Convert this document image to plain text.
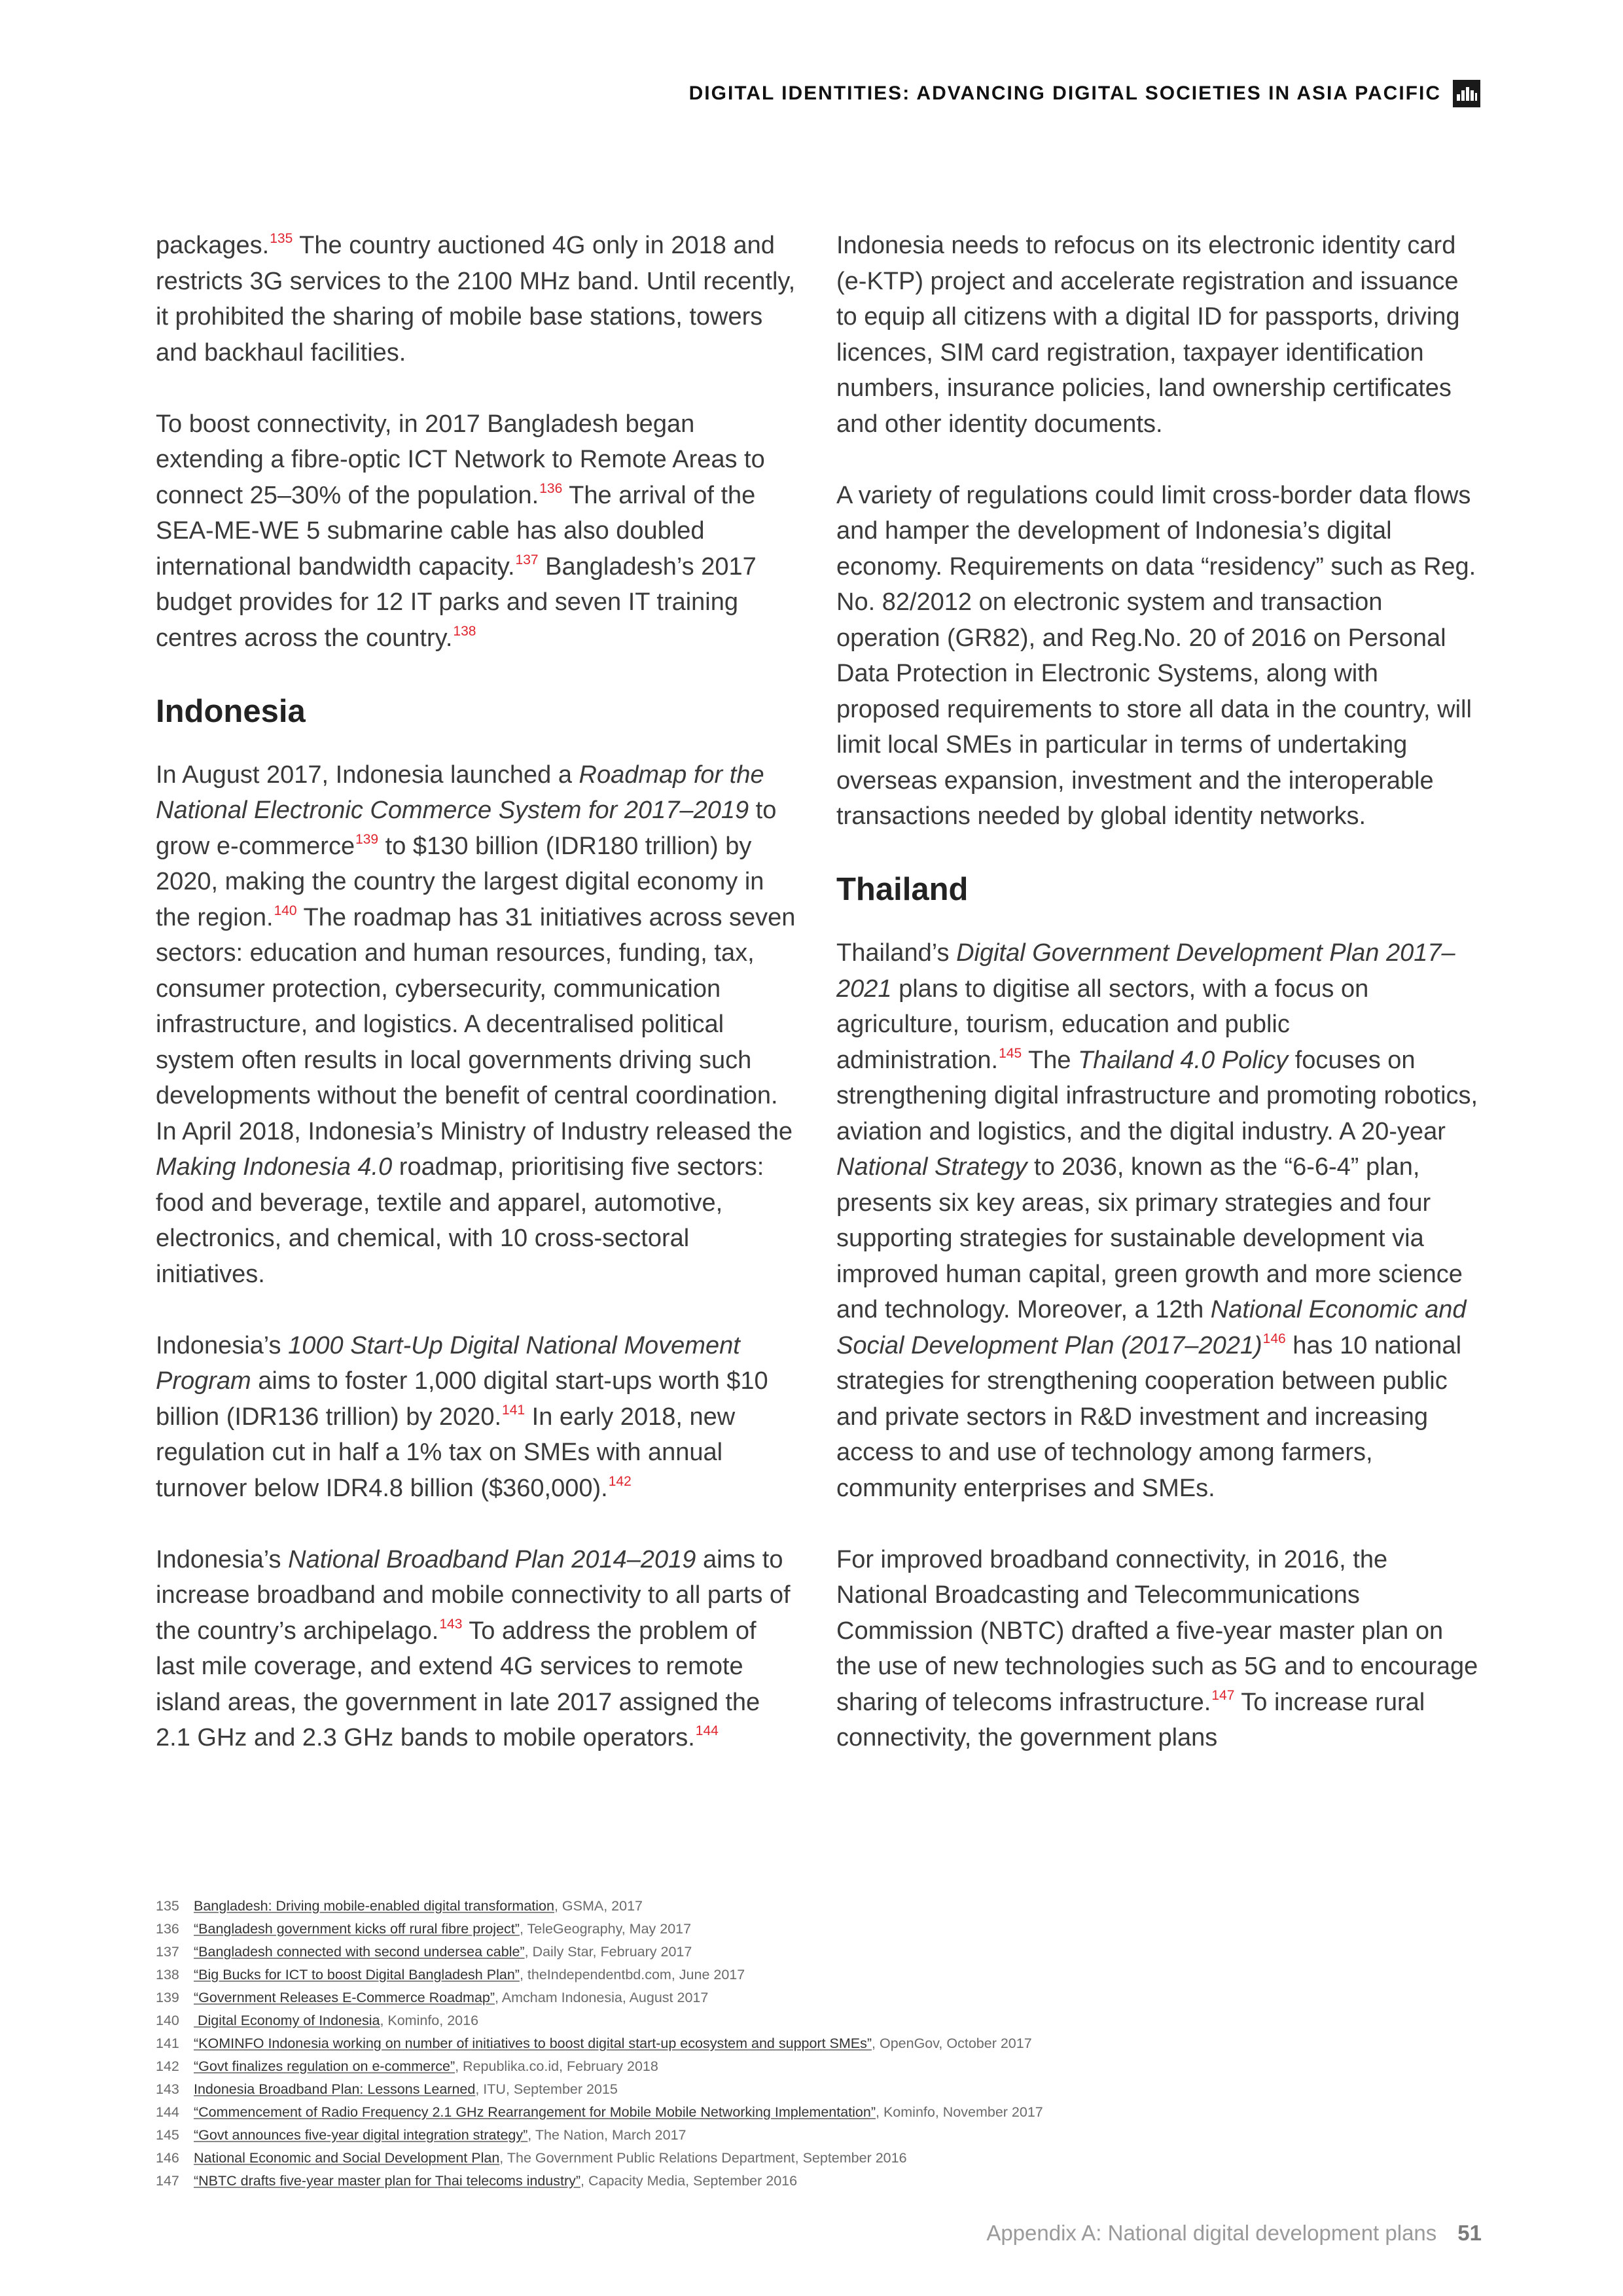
DIGITAL IDENTITIES: ADVANCING DIGITAL SOCIETIES IN ASIA PACIFIC

packages.$^{135}$ The country auctioned 4G only in 2018 and restricts 3G services to the 2100 MHz band. Until recently, it prohibited the sharing of mobile base stations, towers and backhaul facilities.

To boost connectivity, in 2017 Bangladesh began extending a fibre-optic ICT Network to Remote Areas to connect 25–30% of the population.$^{136}$ The arrival of the SEA-ME-WE 5 submarine cable has also doubled international bandwidth capacity.$^{137}$ Bangladesh’s 2017 budget provides for 12 IT parks and seven IT training centres across the country.$^{138}$

Indonesia

In August 2017, Indonesia launched a Roadmap for the National Electronic Commerce System for 2017–2019 to grow e-commerce$^{139}$ to $130 billion (IDR180 trillion) by 2020, making the country the largest digital economy in the region.$^{140}$ The roadmap has 31 initiatives across seven sectors: education and human resources, funding, tax, consumer protection, cybersecurity, communication infrastructure, and logistics. A decentralised political system often results in local governments driving such developments without the benefit of central coordination. In April 2018, Indonesia’s Ministry of Industry released the Making Indonesia 4.0 roadmap, prioritising five sectors: food and beverage, textile and apparel, automotive, electronics, and chemical, with 10 cross-sectoral initiatives.

Indonesia’s 1000 Start-Up Digital National Movement Program aims to foster 1,000 digital start-ups worth $10 billion (IDR136 trillion) by 2020.$^{141}$ In early 2018, new regulation cut in half a 1% tax on SMEs with annual turnover below IDR4.8 billion ($360,000).$^{142}$

Indonesia’s National Broadband Plan 2014–2019 aims to increase broadband and mobile connectivity to all parts of the country’s archipelago.$^{143}$ To address the problem of last mile coverage, and extend 4G services to remote island areas, the government in late 2017 assigned the 2.1 GHz and 2.3 GHz bands to mobile operators.$^{144}$

Indonesia needs to refocus on its electronic identity card (e-KTP) project and accelerate registration and issuance to equip all citizens with a digital ID for passports, driving licences, SIM card registration, taxpayer identification numbers, insurance policies, land ownership certificates and other identity documents.

A variety of regulations could limit cross-border data flows and hamper the development of Indonesia’s digital economy. Requirements on data “residency” such as Reg. No. 82/2012 on electronic system and transaction operation (GR82), and Reg.No. 20 of 2016 on Personal Data Protection in Electronic Systems, along with proposed requirements to store all data in the country, will limit local SMEs in particular in terms of undertaking overseas expansion, investment and the interoperable transactions needed by global identity networks.

Thailand

Thailand’s Digital Government Development Plan 2017–2021 plans to digitise all sectors, with a focus on agriculture, tourism, education and public administration.$^{145}$ The Thailand 4.0 Policy focuses on strengthening digital infrastructure and promoting robotics, aviation and logistics, and the digital industry. A 20-year National Strategy to 2036, known as the “6-6-4” plan, presents six key areas, six primary strategies and four supporting strategies for sustainable development via improved human capital, green growth and more science and technology. Moreover, a 12th National Economic and Social Development Plan (2017–2021)$^{146}$ has 10 national strategies for strengthening cooperation between public and private sectors in R&D investment and increasing access to and use of technology among farmers, community enterprises and SMEs.

For improved broadband connectivity, in 2016, the National Broadcasting and Telecommunications Commission (NBTC) drafted a five-year master plan on the use of new technologies such as 5G and to encourage sharing of telecoms infrastructure.$^{147}$ To increase rural connectivity, the government plans

135 Bangladesh: Driving mobile-enabled digital transformation, GSMA, 2017
136 “Bangladesh government kicks off rural fibre project”, TeleGeography, May 2017
137 “Bangladesh connected with second undersea cable”, Daily Star, February 2017
138 “Big Bucks for ICT to boost Digital Bangladesh Plan”, theIndependentbd.com, June 2017
139 “Government Releases E-Commerce Roadmap”, Amcham Indonesia, August 2017
140 Digital Economy of Indonesia, Kominfo, 2016
141 “KOMINFO Indonesia working on number of initiatives to boost digital start-up ecosystem and support SMEs”, OpenGov, October 2017
142 “Govt finalizes regulation on e-commerce”, Republika.co.id, February 2018
143 Indonesia Broadband Plan: Lessons Learned, ITU, September 2015
144 “Commencement of Radio Frequency 2.1 GHz Rearrangement for Mobile Mobile Networking Implementation”, Kominfo, November 2017
145 “Govt announces five-year digital integration strategy”, The Nation, March 2017
146 National Economic and Social Development Plan, The Government Public Relations Department, September 2016
147 “NBTC drafts five-year master plan for Thai telecoms industry”, Capacity Media, September 2016
Appendix A: National digital development plans 51
